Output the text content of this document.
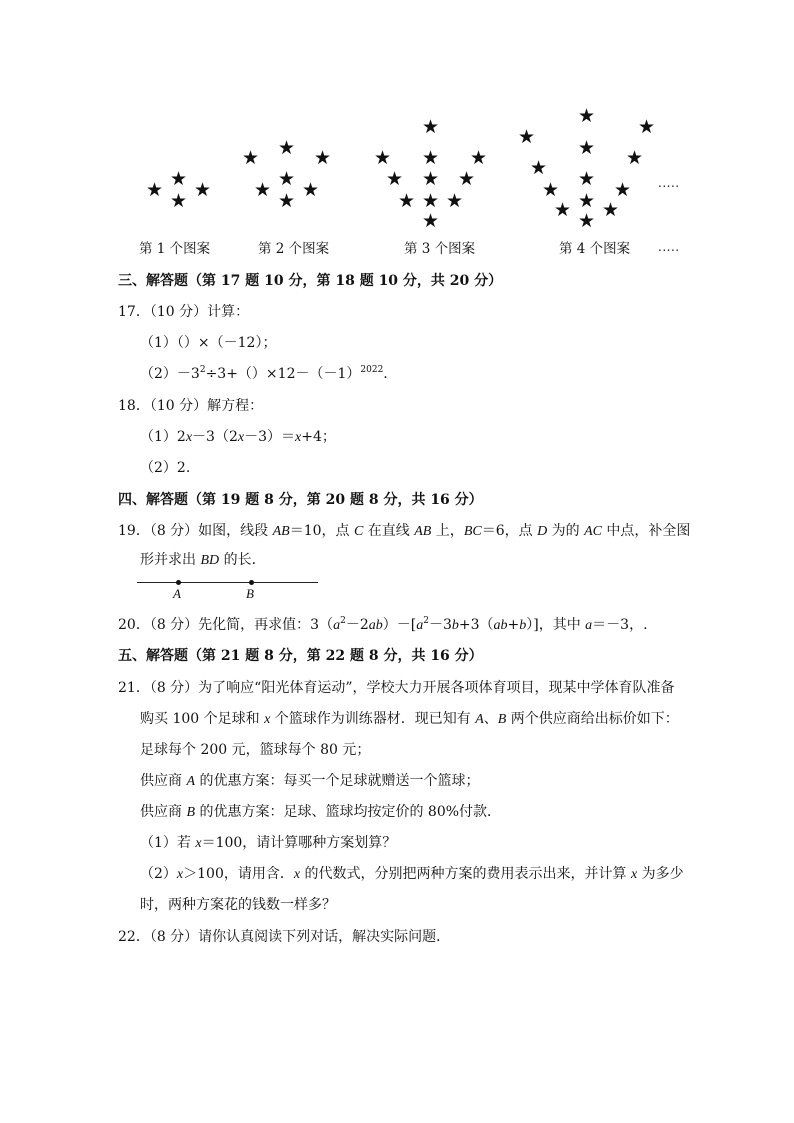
★ ★
★ ★
★
★
★
★
★ ★
★ ★
★
★
★
★
★
★
★
★
★
★
★
★
★
★
★
★
★
★
★ ★
★
★
★
.....
.....
第 1 个图案	第 2 个图案	第 3 个图案	第 4 个图案
三、解答题（第 17 题 10 分，第 18 题 10 分，共 20 分）
17．（10 分）计算：
（1）（）×（－12）；
$(2)-3^2\div 3+()\times 12-(-1)^{2022}$.
18．（10 分）解方程：
（1）2x－3（2x－3）＝x+4；
（2）2.
四、解答题（第 19 题 8 分，第 20 题 8 分，共 16 分）
19．（8 分）如图，线段 AB＝10，点 C 在直线 AB 上，BC＝6，点 D 为的 AC 中点，补全图
形并求出 BD 的长．
A	B
20．（8 分）先化简，再求值：$3(a^2-2ab)-[a^2-3b+3(ab+b)]$，其中 a＝－3，.
五、解答题（第 21 题 8 分，第 22 题 8 分，共 16 分）
21．（8 分）为了响应“阳光体育运动”，学校大力开展各项体育项目，现某中学体育队准备
购买 100 个足球和 x 个篮球作为训练器材．现已知有 A、B 两个供应商给出标价如下：
足球每个 200 元，篮球每个 80 元；
供应商 A 的优惠方案：每买一个足球就赠送一个篮球；
供应商 B 的优惠方案：足球、篮球均按定价的 80%付款．
（1）若 x＝100，请计算哪种方案划算？
（2）x＞100，请用含．x 的代数式，分别把两种方案的费用表示出来，并计算 x 为多少
时，两种方案花的钱数一样多？
22．（8 分）请你认真阅读下列对话，解决实际问题．
